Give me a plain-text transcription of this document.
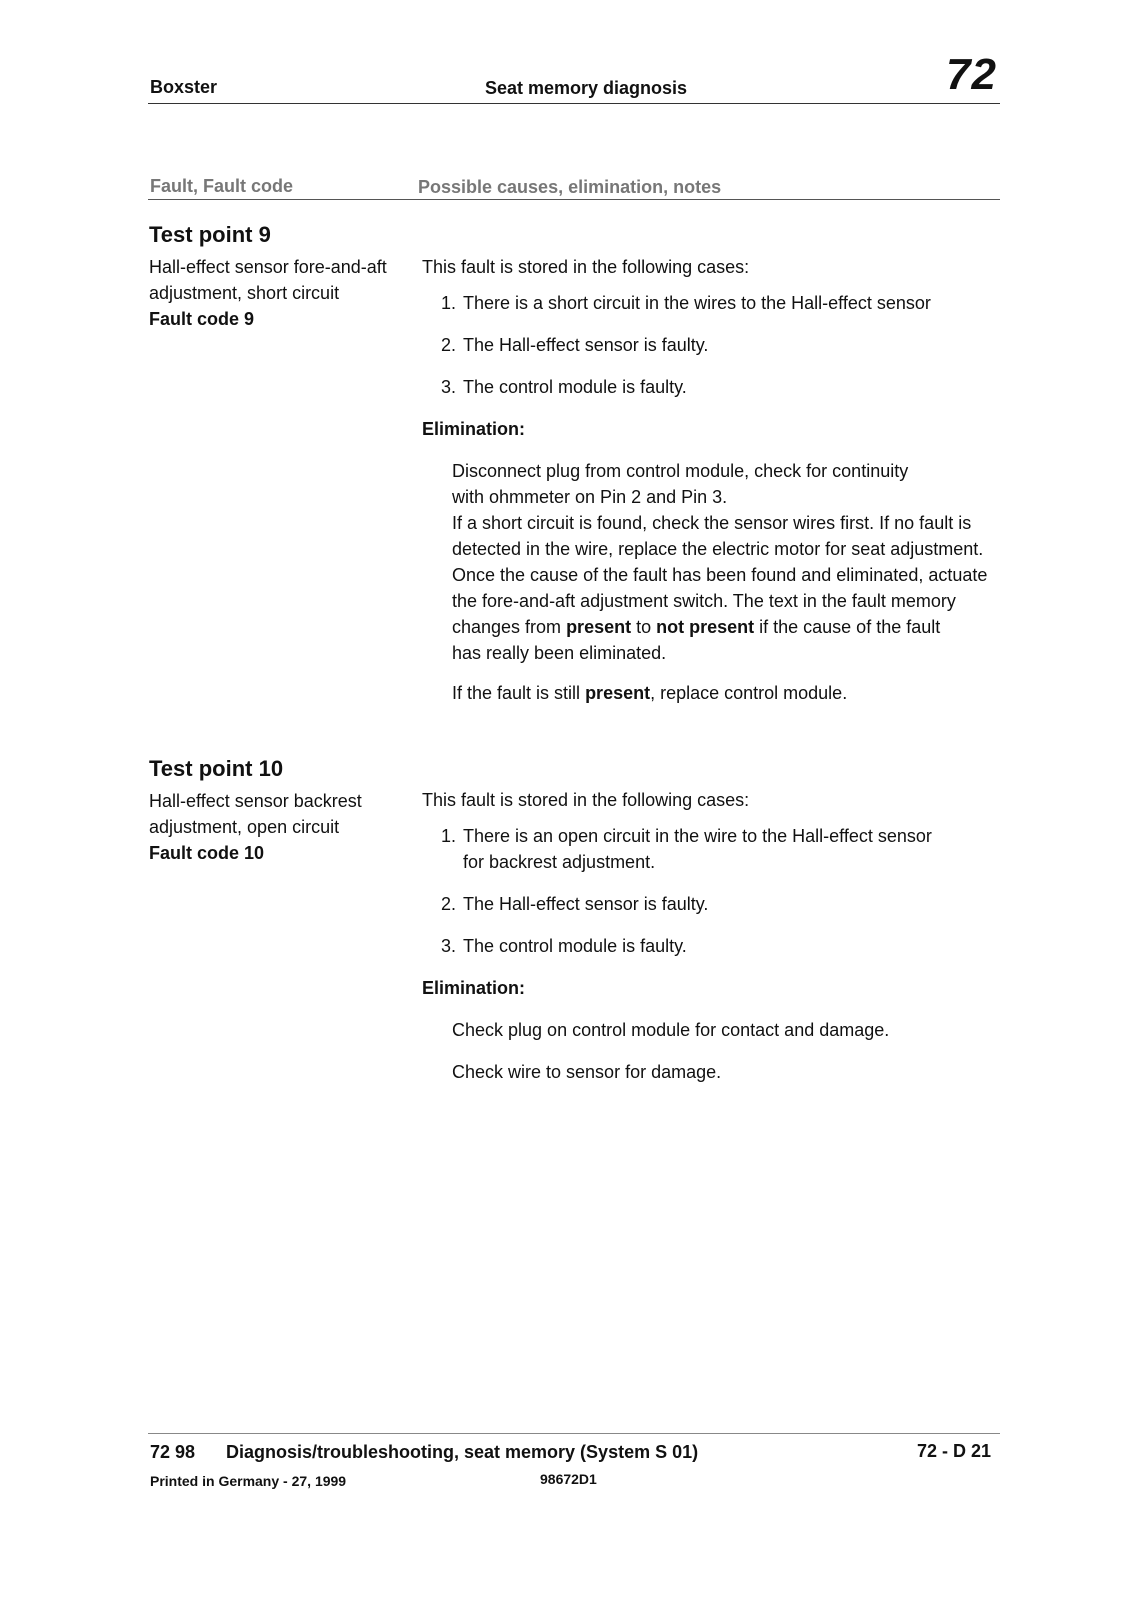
Boxster	Seat memory diagnosis	72
Fault, Fault code	Possible causes, elimination, notes
Test point 9
Hall-effect sensor fore-and-aft
adjustment, short circuit
Fault code 9
This fault is stored in the following cases:
1. There is a short circuit in the wires to the Hall-effect sensor
2. The Hall-effect sensor is faulty.
3. The control module is faulty.
Elimination:
Disconnect plug from control module, check for continuity
with ohmmeter on Pin 2 and Pin 3.
If a short circuit is found, check the sensor wires first. If no fault is
detected in the wire, replace the electric motor for seat adjustment.
Once the cause of the fault has been found and eliminated, actuate
the fore-and-aft adjustment switch. The text in the fault memory
changes from present to not present if the cause of the fault
has really been eliminated.
If the fault is still present, replace control module.
Test point 10
Hall-effect sensor backrest
adjustment, open circuit
Fault code 10
This fault is stored in the following cases:
1. There is an open circuit in the wire to the Hall-effect sensor
for backrest adjustment.
2. The Hall-effect sensor is faulty.
3. The control module is faulty.
Elimination:
Check plug on control module for contact and damage.
Check wire to sensor for damage.
72 98 Diagnosis/troubleshooting, seat memory (System S 01)	72 - D 21
Printed in Germany - 27, 1999	98672D1
